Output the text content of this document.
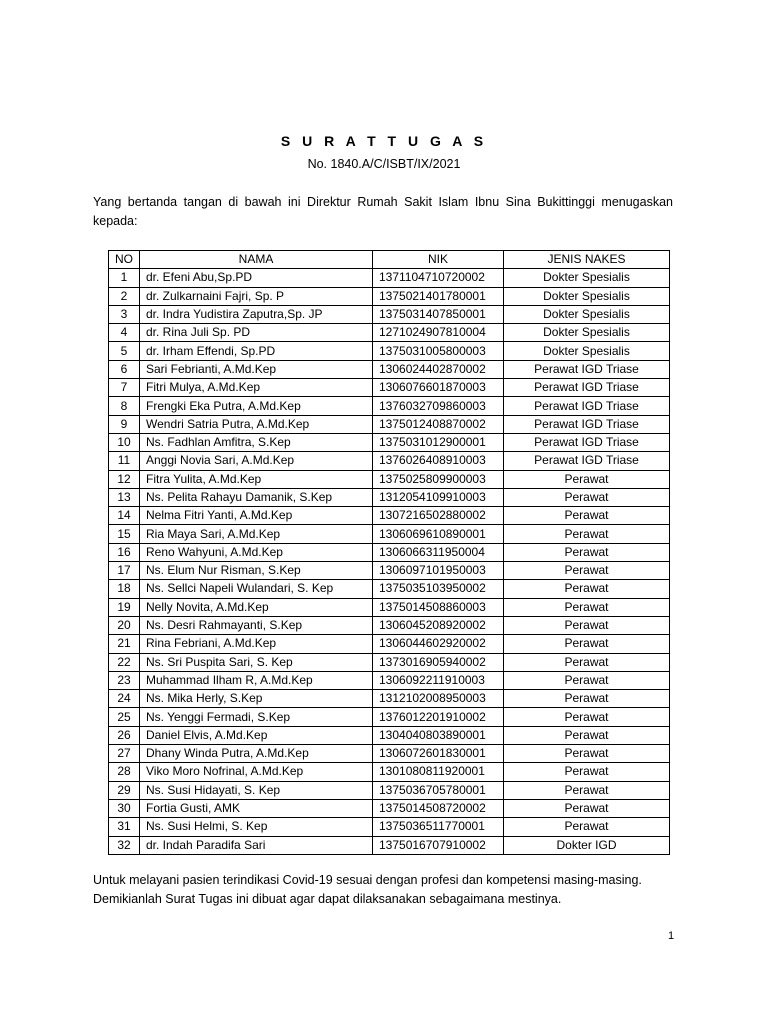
S U R A T T U G A S
No. 1840.A/C/ISBT/IX/2021
Yang bertanda tangan di bawah ini Direktur Rumah Sakit Islam Ibnu Sina Bukittinggi menugaskan kepada:
NO	NAMA	NIK	JENIS NAKES
1	dr. Efeni Abu,Sp.PD	1371104710720002	Dokter Spesialis
2	dr. Zulkarnaini Fajri, Sp. P	1375021401780001	Dokter Spesialis
3	dr. Indra Yudistira Zaputra,Sp. JP	1375031407850001	Dokter Spesialis
4	dr. Rina Juli Sp. PD	1271024907810004	Dokter Spesialis
5	dr. Irham Effendi, Sp.PD	1375031005800003	Dokter Spesialis
6	Sari Febrianti, A.Md.Kep	1306024402870002	Perawat IGD Triase
7	Fitri Mulya, A.Md.Kep	1306076601870003	Perawat IGD Triase
8	Frengki Eka Putra, A.Md.Kep	1376032709860003	Perawat IGD Triase
9	Wendri Satria Putra, A.Md.Kep	1375012408870002	Perawat IGD Triase
10	Ns. Fadhlan Amfitra, S.Kep	1375031012900001	Perawat IGD Triase
11	Anggi Novia Sari, A.Md.Kep	1376026408910003	Perawat IGD Triase
12	Fitra Yulita, A.Md.Kep	1375025809900003	Perawat
13	Ns. Pelita Rahayu Damanik, S.Kep	1312054109910003	Perawat
14	Nelma Fitri Yanti, A.Md.Kep	1307216502880002	Perawat
15	Ria Maya Sari, A.Md.Kep	1306069610890001	Perawat
16	Reno Wahyuni, A.Md.Kep	1306066311950004	Perawat
17	Ns. Elum Nur Risman, S.Kep	1306097101950003	Perawat
18	Ns. Sellci Napeli Wulandari, S. Kep	1375035103950002	Perawat
19	Nelly Novita, A.Md.Kep	1375014508860003	Perawat
20	Ns. Desri Rahmayanti, S.Kep	1306045208920002	Perawat
21	Rina Febriani, A.Md.Kep	1306044602920002	Perawat
22	Ns. Sri Puspita Sari, S. Kep	1373016905940002	Perawat
23	Muhammad Ilham R, A.Md.Kep	1306092211910003	Perawat
24	Ns. Mika Herly, S.Kep	1312102008950003	Perawat
25	Ns. Yenggi Fermadi, S.Kep	1376012201910002	Perawat
26	Daniel Elvis, A.Md.Kep	1304040803890001	Perawat
27	Dhany Winda Putra, A.Md.Kep	1306072601830001	Perawat
28	Viko Moro Nofrinal, A.Md.Kep	1301080811920001	Perawat
29	Ns. Susi Hidayati, S. Kep	1375036705780001	Perawat
30	Fortia Gusti, AMK	1375014508720002	Perawat
31	Ns. Susi Helmi, S. Kep	1375036511770001	Perawat
32	dr. Indah Paradifa Sari	1375016707910002	Dokter IGD
Untuk melayani pasien terindikasi Covid-19 sesuai dengan profesi dan kompetensi masing-masing.
Demikianlah Surat Tugas ini dibuat agar dapat dilaksanakan sebagaimana mestinya.
1
